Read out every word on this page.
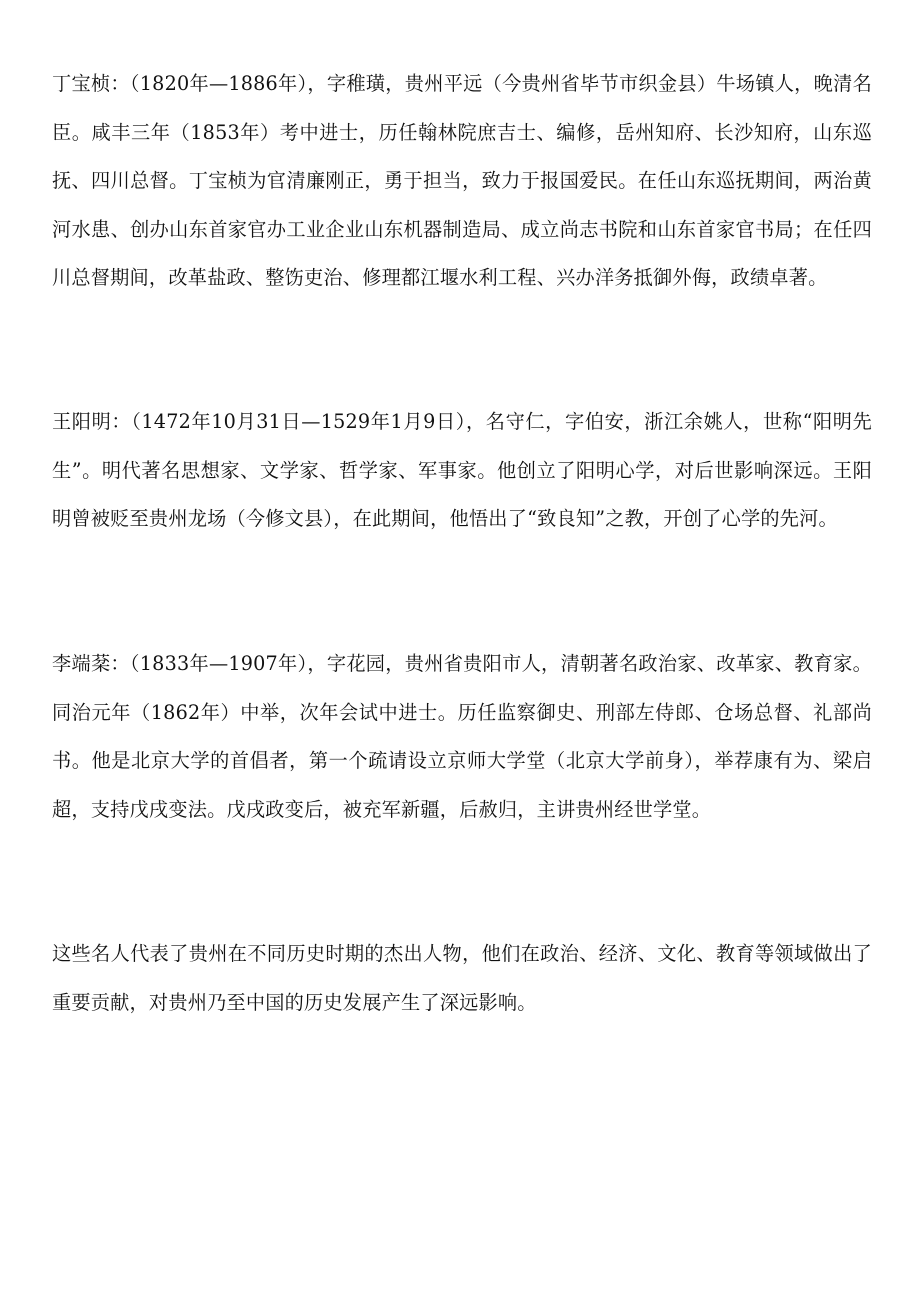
丁宝桢：（1820年—1886年），字稚璜，贵州平远（今贵州省毕节市织金县）牛场镇人，晚清名臣。咸丰三年（1853年）考中进士，历任翰林院庶吉士、编修，岳州知府、长沙知府，山东巡抚、四川总督。丁宝桢为官清廉刚正，勇于担当，致力于报国爱民。在任山东巡抚期间，两治黄河水患、创办山东首家官办工业企业山东机器制造局、成立尚志书院和山东首家官书局；在任四川总督期间，改革盐政、整饬吏治、修理都江堰水利工程、兴办洋务抵御外侮，政绩卓著。

王阳明：（1472年10月31日—1529年1月9日），名守仁，字伯安，浙江余姚人，世称“阳明先生”。明代著名思想家、文学家、哲学家、军事家。他创立了阳明心学，对后世影响深远。王阳明曾被贬至贵州龙场（今修文县），在此期间，他悟出了“致良知”之教，开创了心学的先河。

李端棻：（1833年—1907年），字花园，贵州省贵阳市人，清朝著名政治家、改革家、教育家。同治元年（1862年）中举，次年会试中进士。历任监察御史、刑部左侍郎、仓场总督、礼部尚书。他是北京大学的首倡者，第一个疏请设立京师大学堂（北京大学前身），举荐康有为、梁启超，支持戊戌变法。戊戌政变后，被充军新疆，后赦归，主讲贵州经世学堂。

这些名人代表了贵州在不同历史时期的杰出人物，他们在政治、经济、文化、教育等领域做出了重要贡献，对贵州乃至中国的历史发展产生了深远影响。
